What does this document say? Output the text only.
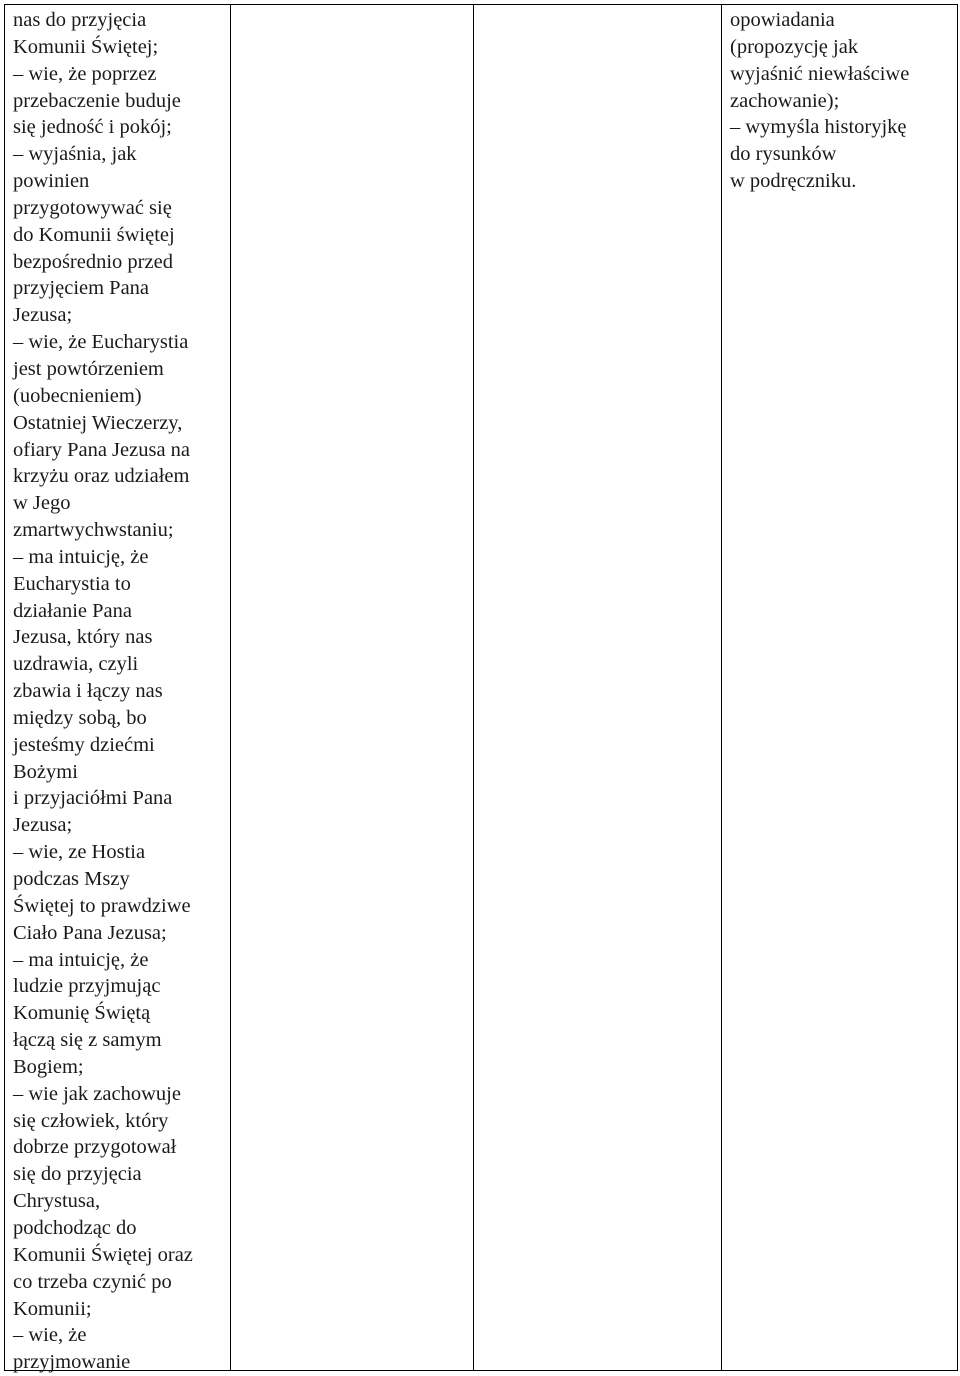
nas do przyjęcia
Komunii Świętej;
– wie, że poprzez
przebaczenie buduje
się jedność i pokój;
– wyjaśnia, jak
powinien
przygotowywać się
do Komunii świętej
bezpośrednio przed
przyjęciem Pana
Jezusa;
– wie, że Eucharystia
jest powtórzeniem
(uobecnieniem)
Ostatniej Wieczerzy,
ofiary Pana Jezusa na
krzyżu oraz udziałem
w Jego
zmartwychwstaniu;
– ma intuicję, że
Eucharystia to
działanie Pana
Jezusa, który nas
uzdrawia, czyli
zbawia i łączy nas
między sobą, bo
jesteśmy dziećmi
Bożymi
i przyjaciółmi Pana
Jezusa;
– wie, ze Hostia
podczas Mszy
Świętej to prawdziwe
Ciało Pana Jezusa;
– ma intuicję, że
ludzie przyjmując
Komunię Świętą
łączą się z samym
Bogiem;
– wie jak zachowuje
się człowiek, który
dobrze przygotował
się do przyjęcia
Chrystusa,
podchodząc do
Komunii Świętej oraz
co trzeba czynić po
Komunii;
– wie, że
przyjmowanie
opowiadania
(propozycję jak
wyjaśnić niewłaściwe
zachowanie);
– wymyśla historyjkę
do rysunków
w podręczniku.
